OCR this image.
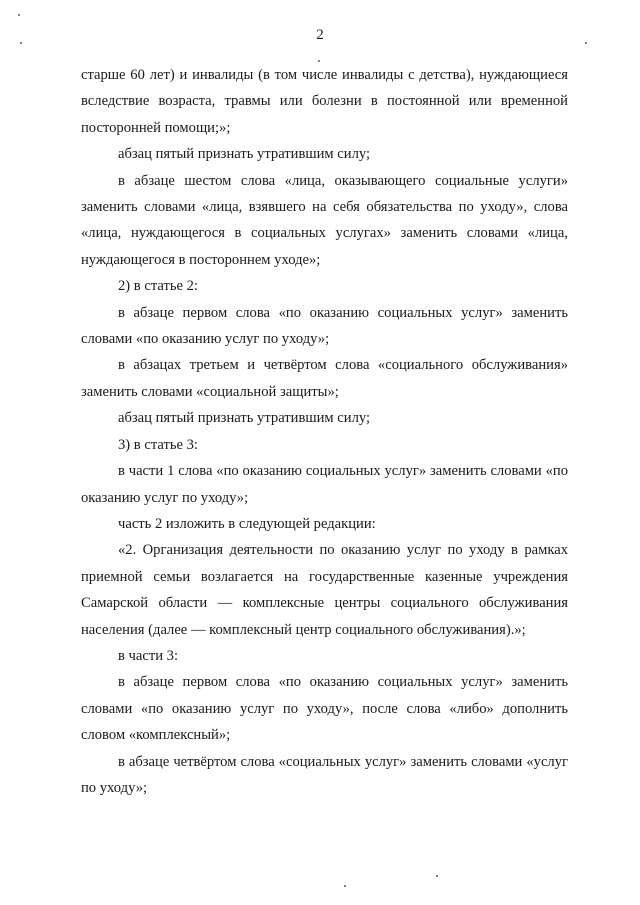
2

старше 60 лет) и инвалиды (в том числе инвалиды с детства), нуждающиеся вследствие возраста, травмы или болезни в постоянной или временной посторонней помощи;»;

абзац пятый признать утратившим силу;

в абзаце шестом слова «лица, оказывающего социальные услуги» заменить словами «лица, взявшего на себя обязательства по уходу», слова «лица, нуждающегося в социальных услугах» заменить словами «лица, нуждающегося в постороннем уходе»;

2) в статье 2:

в абзаце первом слова «по оказанию социальных услуг» заменить словами «по оказанию услуг по уходу»;

в абзацах третьем и четвёртом слова «социального обслуживания» заменить словами «социальной защиты»;

абзац пятый признать утратившим силу;

3) в статье 3:

в части 1 слова «по оказанию социальных услуг» заменить словами «по оказанию услуг по уходу»;

часть 2 изложить в следующей редакции:

«2. Организация деятельности по оказанию услуг по уходу в рамках приемной семьи возлагается на государственные казенные учреждения Самарской области — комплексные центры социального обслуживания населения (далее — комплексный центр социального обслуживания).»;

в части 3:

в абзаце первом слова «по оказанию социальных услуг» заменить словами «по оказанию услуг по уходу», после слова «либо» дополнить словом «комплексный»;

в абзаце четвёртом слова «социальных услуг» заменить словами «услуг по уходу»;
